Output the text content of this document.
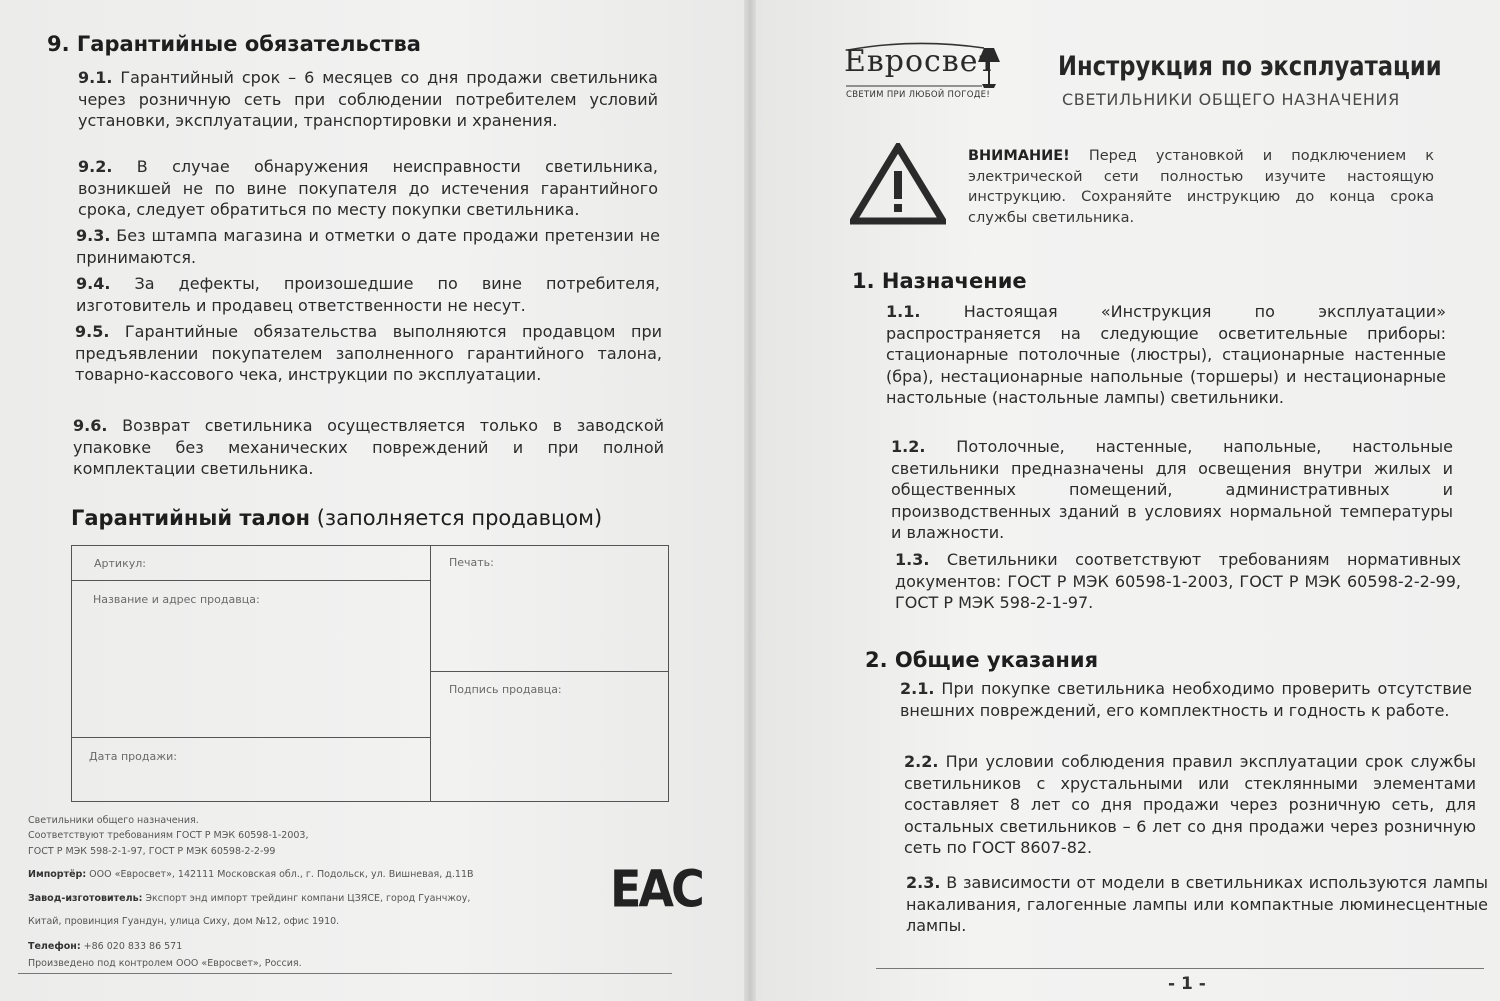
9. Гарантийные обязательства
9.1. Гарантийный срок – 6 месяцев со дня продажи светильника через розничную сеть при соблюдении потребителем условий установки, эксплуатации, транспортировки и хранения.
9.2. В случае обнаружения неисправности светильника, возникшей не по вине покупателя до истечения гарантийного срока, следует обратиться по месту покупки светильника.
9.3. Без штампа магазина и отметки о дате продажи претензии не принимаются.
9.4. За дефекты, произошедшие по вине потребителя, изготовитель и продавец ответственности не несут.
9.5. Гарантийные обязательства выполняются продавцом при предъявлении покупателем заполненного гарантийного талона, товарно-кассового чека, инструкции по эксплуатации.
9.6. Возврат светильника осуществляется только в заводской упаковке без механических повреждений и при полной комплектации светильника.
Гарантийный талон (заполняется продавцом)
Артикул:
Название и адрес продавца:
Печать:
Подпись продавца:
Дата продажи:
Светильники общего назначения.
Соответствуют требованиям ГОСТ Р МЭК 60598-1-2003,
ГОСТ Р МЭК 598-2-1-97, ГОСТ Р МЭК 60598-2-2-99
Импортёр: ООО «Евросвет», 142111 Московская обл., г. Подольск, ул. Вишневая, д.11В
Завод-изготовитель: Экспорт энд импорт трейдинг компани ЦЗЯСЕ, город Гуанчжоу,
Китай, провинция Гуандун, улица Сиху, дом №12, офис 1910.
Телефон: +86 020 833 86 571
Произведено под контролем ООО «Евросвет», Россия.
ЕАС
Евросвет
СВЕТИМ ПРИ ЛЮБОЙ ПОГОДЕ!
Инструкция по эксплуатации
СВЕТИЛЬНИКИ ОБЩЕГО НАЗНАЧЕНИЯ
ВНИМАНИЕ! Перед установкой и подключением к электрической сети полностью изучите настоящую инструкцию. Сохраняйте инструкцию до конца срока службы светильника.
1. Назначение
1.1.	Настоящая «Инструкция по эксплуатации» распространяется на следующие осветительные приборы: стационарные потолочные (люстры), стационарные настенные (бра), нестационарные напольные (торшеры) и нестационарные настольные (настольные лампы) светильники.
1.2. Потолочные, настенные, напольные, настольные светильники предназначены для освещения внутри жилых и общественных помещений, административных и производственных зданий в условиях нормальной температуры и влажности.
1.3. Светильники соответствуют требованиям нормативных документов: ГОСТ Р МЭК 60598-1-2003, ГОСТ Р МЭК 60598-2-2-99, ГОСТ Р МЭК 598-2-1-97.
2. Общие указания
2.1. При покупке светильника необходимо проверить отсутствие внешних повреждений, его комплектность и годность к работе.
2.2. При условии соблюдения правил эксплуатации срок службы светильников с хрустальными или стеклянными элементами составляет 8 лет со дня продажи через розничную сеть, для остальных светильников – 6 лет со дня продажи через розничную сеть по ГОСТ 8607-82.
2.3. В зависимости от модели в светильниках используются лампы накаливания, галогенные лампы или компактные люминесцентные лампы.
- 1 -
